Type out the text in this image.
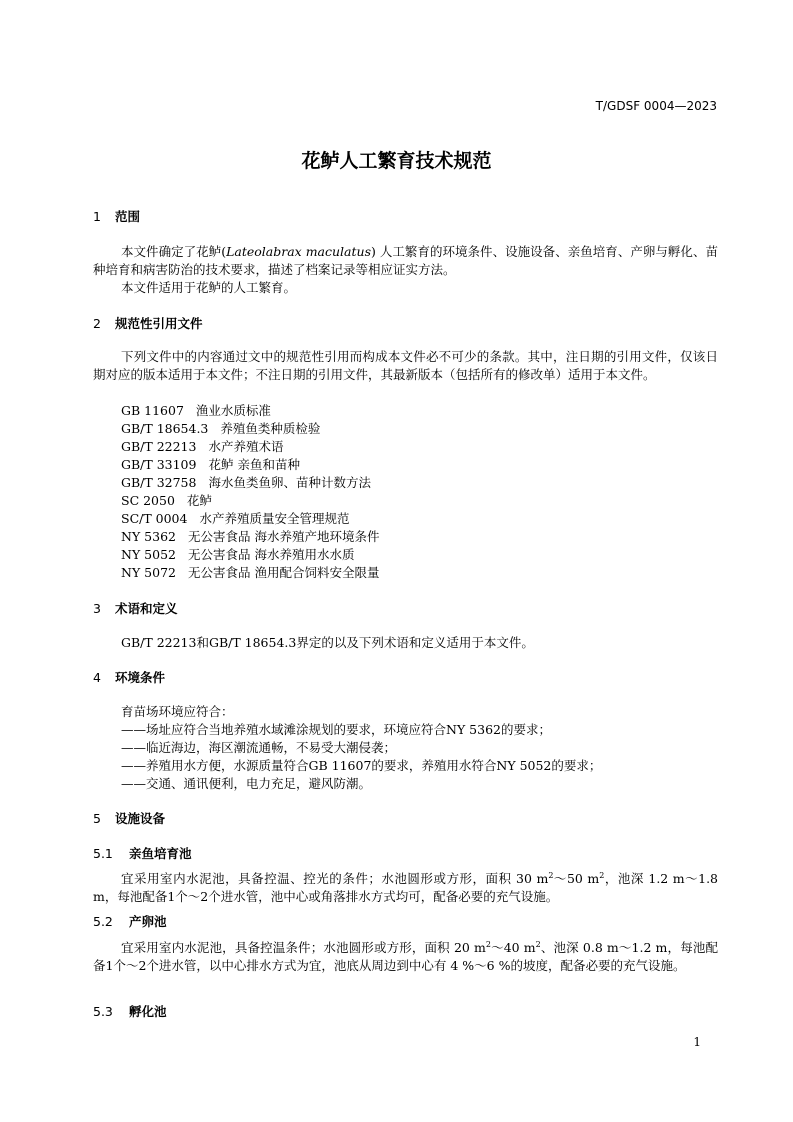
T/GDSF 0004—2023
花鲈人工繁育技术规范
1 范围
本文件确定了花鲈(Lateolabrax maculatus) 人工繁育的环境条件、设施设备、亲鱼培育、产卵与孵化、苗种培育和病害防治的技术要求，描述了档案记录等相应证实方法。
本文件适用于花鲈的人工繁育。
2 规范性引用文件
下列文件中的内容通过文中的规范性引用而构成本文件必不可少的条款。其中，注日期的引用文件，仅该日期对应的版本适用于本文件；不注日期的引用文件，其最新版本（包括所有的修改单）适用于本文件。
GB 11607 渔业水质标准
GB/T 18654.3 养殖鱼类种质检验
GB/T 22213 水产养殖术语
GB/T 33109 花鲈 亲鱼和苗种
GB/T 32758 海水鱼类鱼卵、苗种计数方法
SC 2050 花鲈
SC/T 0004 水产养殖质量安全管理规范
NY 5362 无公害食品 海水养殖产地环境条件
NY 5052 无公害食品 海水养殖用水水质
NY 5072 无公害食品 渔用配合饲料安全限量
3 术语和定义
GB/T 22213和GB/T 18654.3界定的以及下列术语和定义适用于本文件。
4 环境条件
育苗场环境应符合：
——场址应符合当地养殖水域滩涂规划的要求，环境应符合NY 5362的要求；
——临近海边，海区潮流通畅，不易受大潮侵袭；
——养殖用水方便，水源质量符合GB 11607的要求，养殖用水符合NY 5052的要求；
——交通、通讯便利，电力充足，避风防潮。
5 设施设备
5.1 亲鱼培育池
宜采用室内水泥池，具备控温、控光的条件；水池圆形或方形，面积 30 $m^2\sim 50$ $m^2$，池深 1.2 m～1.8 m，每池配备1个～2个进水管，池中心或角落排水方式均可，配备必要的充气设施。
5.2 产卵池
宜采用室内水泥池，具备控温条件；水池圆形或方形，面积 20 $m^2\sim 40$ $m^2$、池深 0.8 m～1.2 m，每池配备1个～2个进水管，以中心排水方式为宜，池底从周边到中心有 4 %～6 %的坡度，配备必要的充气设施。
5.3 孵化池
1
